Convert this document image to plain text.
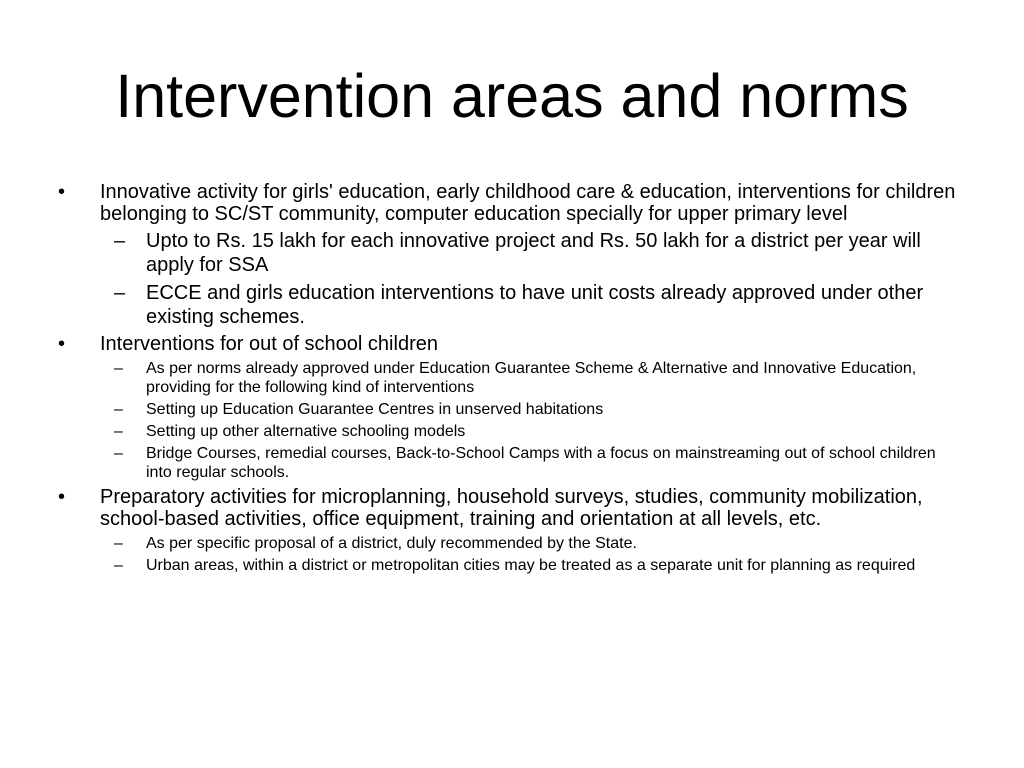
Intervention areas and norms
• Innovative activity for girls' education, early childhood care & education, interventions for children belonging to SC/ST community, computer education specially for upper primary level
– Upto to Rs. 15 lakh for each innovative project and Rs. 50 lakh for a district per year will apply for SSA
– ECCE and girls education interventions to have unit costs already approved under other existing schemes.
• Interventions for out of school children
– As per norms already approved under Education Guarantee Scheme & Alternative and Innovative Education, providing for the following kind of interventions
– Setting up Education Guarantee Centres in unserved habitations
– Setting up other alternative schooling models
– Bridge Courses, remedial courses, Back-to-School Camps with a focus on mainstreaming out of school children into regular schools.
• Preparatory activities for microplanning, household surveys, studies, community mobilization, school-based activities, office equipment, training and orientation at all levels, etc.
– As per specific proposal of a district, duly recommended by the State.
– Urban areas, within a district or metropolitan cities may be treated as a separate unit for planning as required
